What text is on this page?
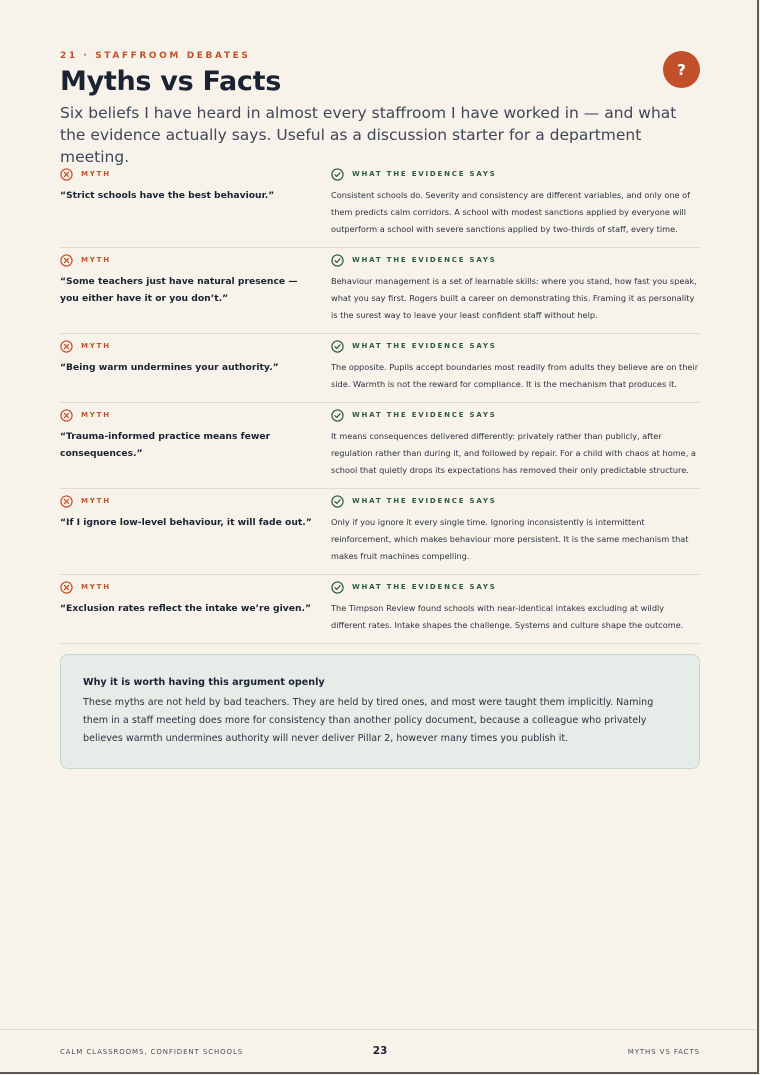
21 · STAFFROOM DEBATES
Myths vs Facts	?

Six beliefs I have heard in almost every staffroom I have worked in — and what the evidence actually says. Useful as a discussion starter for a department meeting.

MYTH
“Strict schools have the best behaviour.”
WHAT THE EVIDENCE SAYS
Consistent schools do. Severity and consistency are different variables, and only one of them predicts calm corridors. A school with modest sanctions applied by everyone will outperform a school with severe sanctions applied by two-thirds of staff, every time.
MYTH
“Some teachers just have natural presence — you either have it or you don’t.”
WHAT THE EVIDENCE SAYS
Behaviour management is a set of learnable skills: where you stand, how fast you speak, what you say first. Rogers built a career on demonstrating this. Framing it as personality is the surest way to leave your least confident staff without help.
MYTH
“Being warm undermines your authority.”
WHAT THE EVIDENCE SAYS
The opposite. Pupils accept boundaries most readily from adults they believe are on their side. Warmth is not the reward for compliance. It is the mechanism that produces it.
MYTH
“Trauma-informed practice means fewer consequences.”
WHAT THE EVIDENCE SAYS
It means consequences delivered differently: privately rather than publicly, after regulation rather than during it, and followed by repair. For a child with chaos at home, a school that quietly drops its expectations has removed their only predictable structure.
MYTH
“If I ignore low-level behaviour, it will fade out.”
WHAT THE EVIDENCE SAYS
Only if you ignore it every single time. Ignoring inconsistently is intermittent reinforcement, which makes behaviour more persistent. It is the same mechanism that makes fruit machines compelling.
MYTH
“Exclusion rates reflect the intake we’re given.”
WHAT THE EVIDENCE SAYS
The Timpson Review found schools with near-identical intakes excluding at wildly different rates. Intake shapes the challenge. Systems and culture shape the outcome.
Why it is worth having this argument openly
These myths are not held by bad teachers. They are held by tired ones, and most were taught them implicitly. Naming them in a staff meeting does more for consistency than another policy document, because a colleague who privately believes warmth undermines authority will never deliver Pillar 2, however many times you publish it.
CALM CLASSROOMS, CONFIDENT SCHOOLS	23	MYTHS VS FACTS
